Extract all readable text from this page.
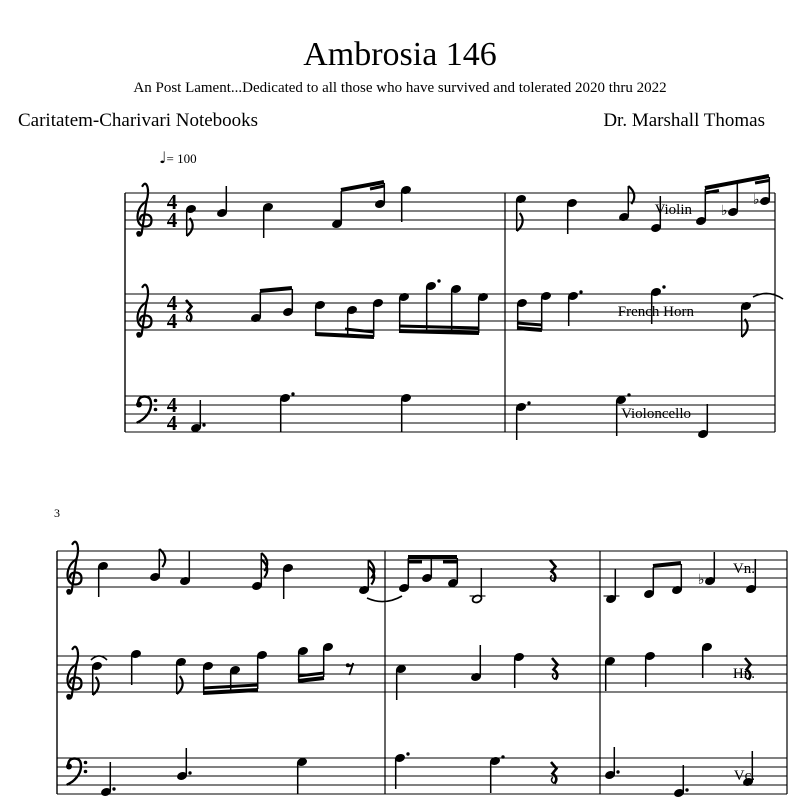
4
4	♭
♭
4
4
4
4
♭
Ambrosia 146
An Post Lament...Dedicated to all those who have survived and tolerated 2020 thru 2022
Caritatem-Charivari Notebooks	Dr. Marshall Thomas
♩= 100
3
Violin
French Horn
Violoncello
Vn.
Hn.
Vc.
